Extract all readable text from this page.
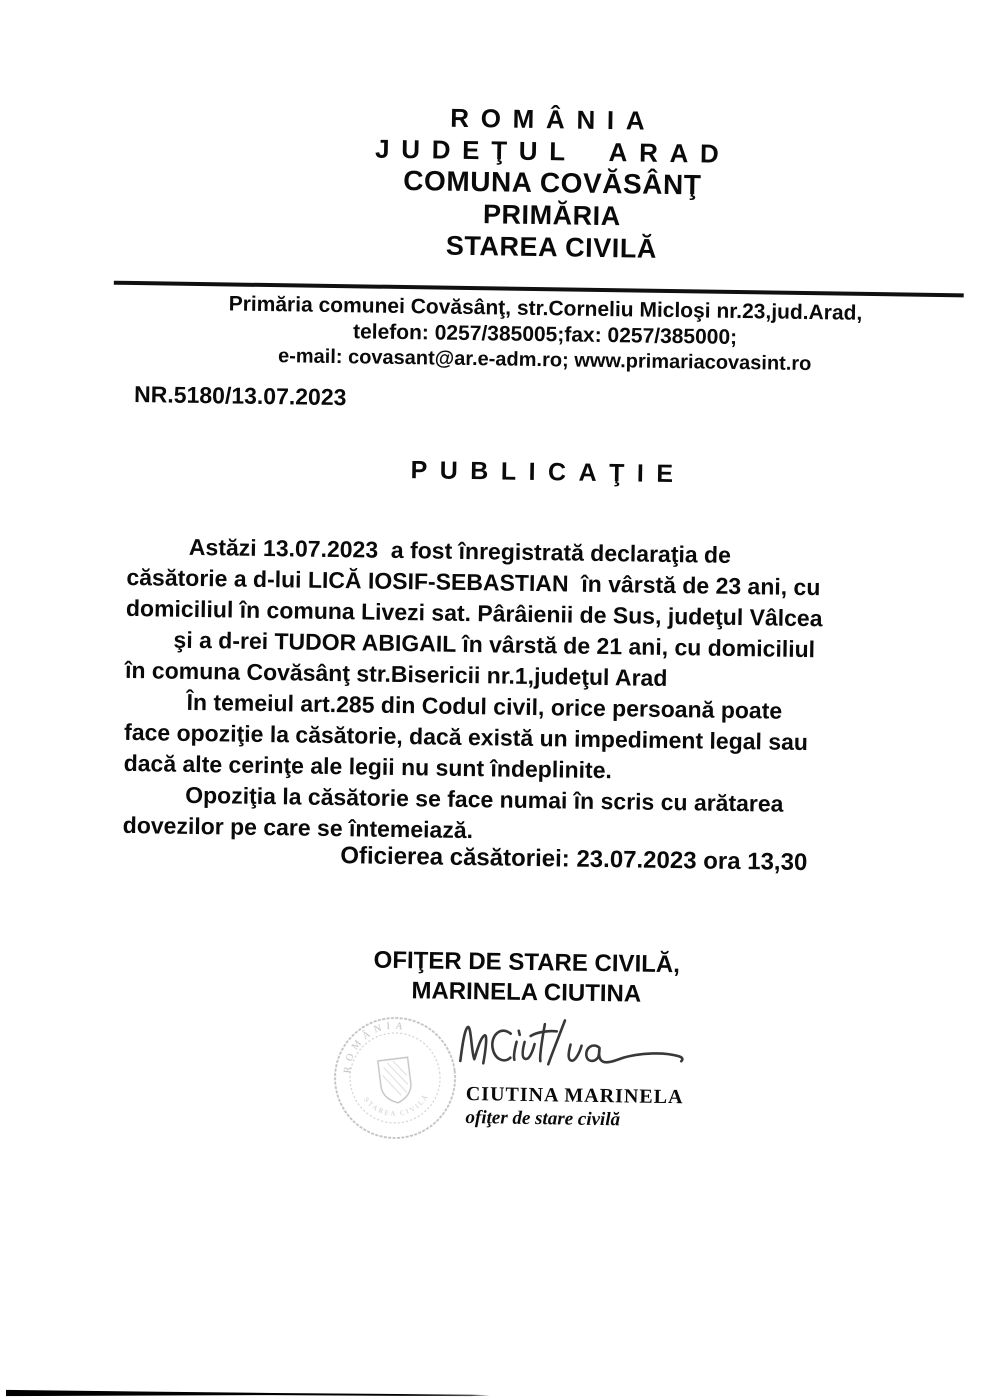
ROMÂNIA
JUDEŢUL ARAD
COMUNA COVĂSÂNŢ
PRIMĂRIA
STAREA CIVILĂ
Primăria comunei Covăsânţ, str.Corneliu Micloşi nr.23,jud.Arad,
telefon: 0257/385005;fax: 0257/385000;
e-mail: covasant@ar.e-adm.ro; www.primariacovasint.ro
NR.5180/13.07.2023
PUBLICAŢIE
Astăzi 13.07.2023  a fost înregistrată declaraţia de
căsătorie a d-lui LICĂ IOSIF-SEBASTIAN  în vârstă de 23 ani, cu
domiciliul în comuna Livezi sat. Pârâienii de Sus, judeţul Vâlcea
şi a d-rei TUDOR ABIGAIL în vârstă de 21 ani, cu domiciliul
în comuna Covăsânţ str.Bisericii nr.1,judeţul Arad
În temeiul art.285 din Codul civil, orice persoană poate
face opoziţie la căsătorie, dacă există un impediment legal sau
dacă alte cerinţe ale legii nu sunt îndeplinite.
Opoziţia la căsătorie se face numai în scris cu arătarea
dovezilor pe care se întemeiază.
Oficierea căsătoriei: 23.07.2023 ora 13,30
OFIŢER DE STARE CIVILĂ,
MARINELA CIUTINA
ROMÂNIA
STAREA CIVILĂ CIUTINA MARINELA
ofiţer de stare civilă
